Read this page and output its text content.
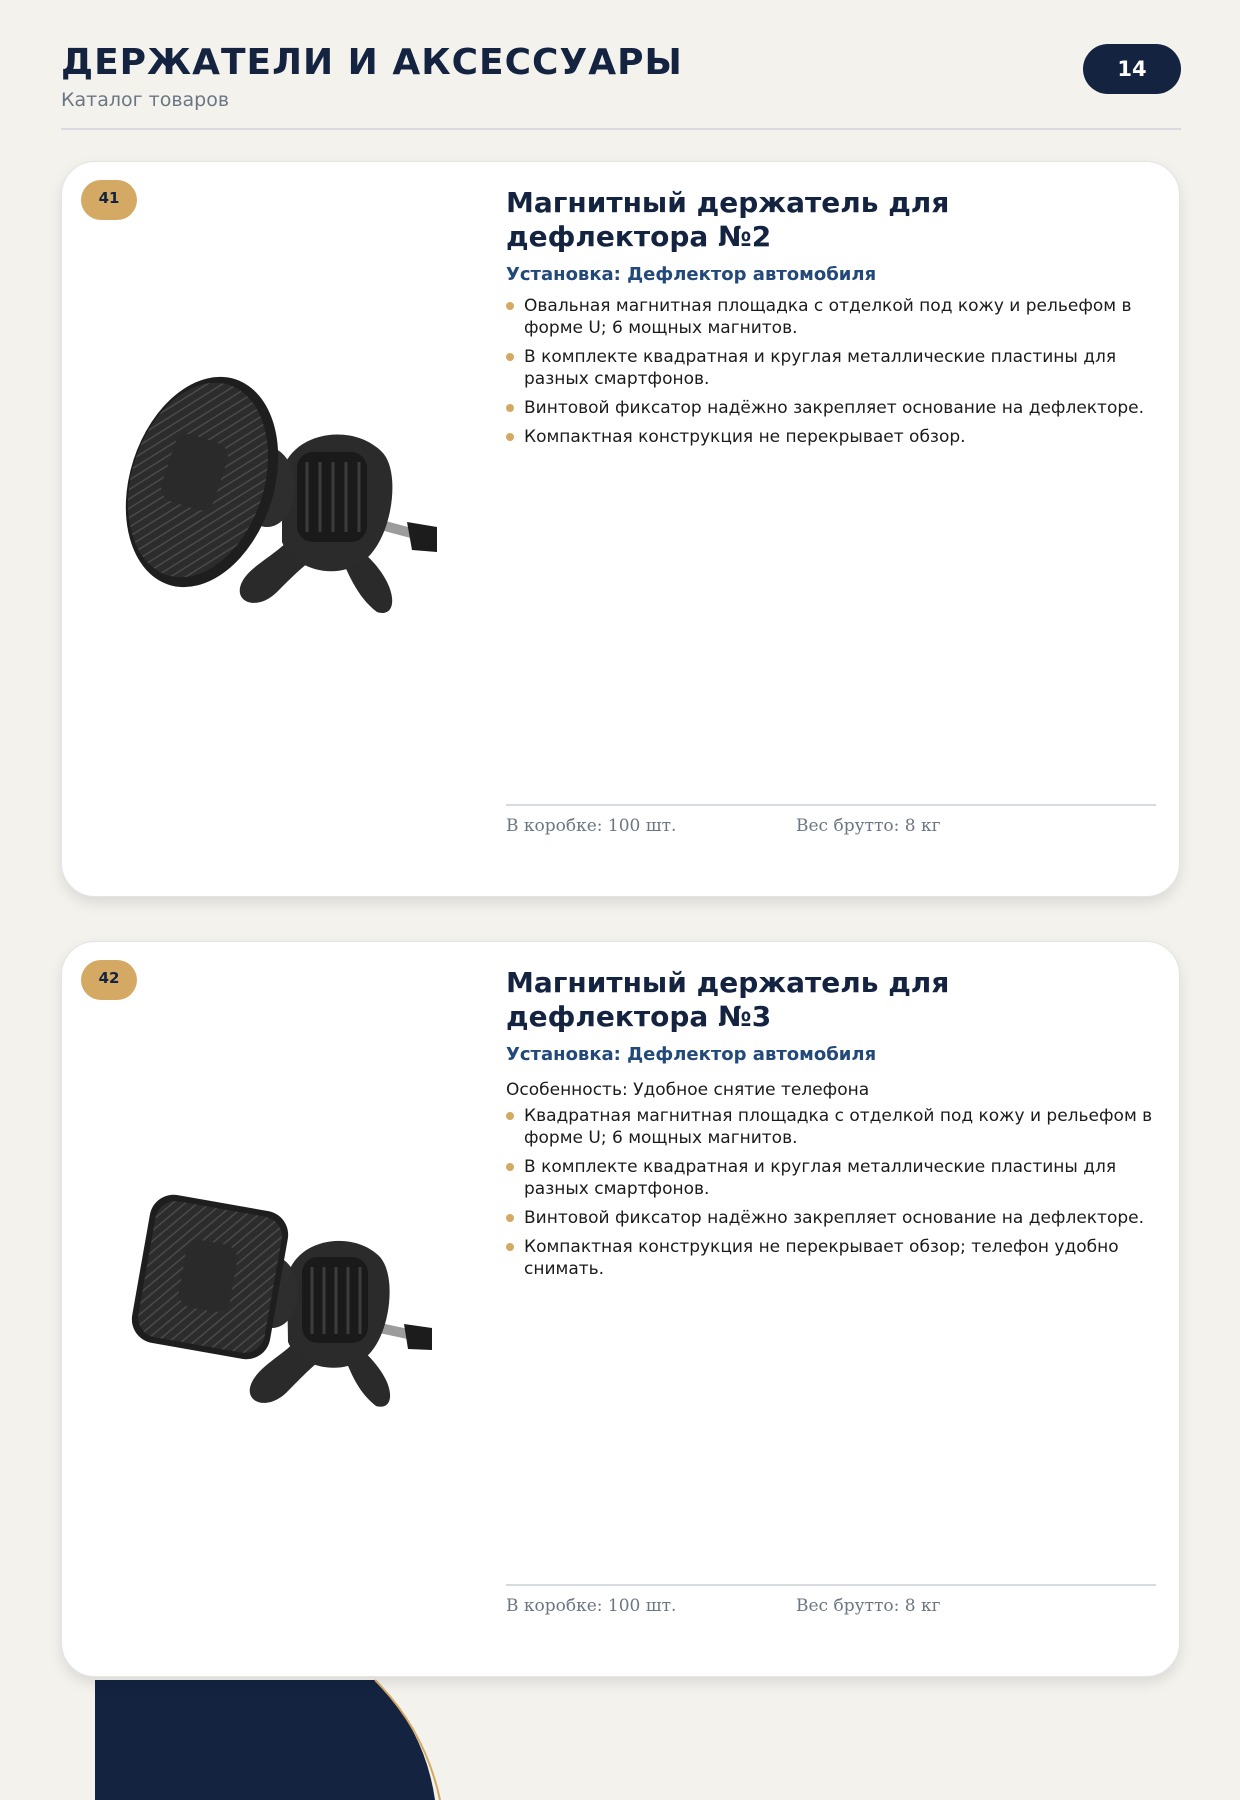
ДЕРЖАТЕЛИ И АКСЕССУАРЫ
Каталог товаров
14
41	Магнитный держатель для
дефлектора №2
Установка: Дефлектор автомобиля
Овальная магнитная площадка с отделкой под кожу и рельефом в форме U; 6 мощных магнитов.
В комплекте квадратная и круглая металлические пластины для разных смартфонов.
Винтовой фиксатор надёжно закрепляет основание на дефлекторе.
Компактная конструкция не перекрывает обзор.
В коробке: 100 шт.	Вес брутто: 8 кг
42	Магнитный держатель для
дефлектора №3
Установка: Дефлектор автомобиля
Особенность: Удобное снятие телефона
Квадратная магнитная площадка с отделкой под кожу и рельефом в форме U; 6 мощных магнитов.
В комплекте квадратная и круглая металлические пластины для разных смартфонов.
Винтовой фиксатор надёжно закрепляет основание на дефлекторе.
Компактная конструкция не перекрывает обзор; телефон удобно снимать.
В коробке: 100 шт.	Вес брутто: 8 кг
